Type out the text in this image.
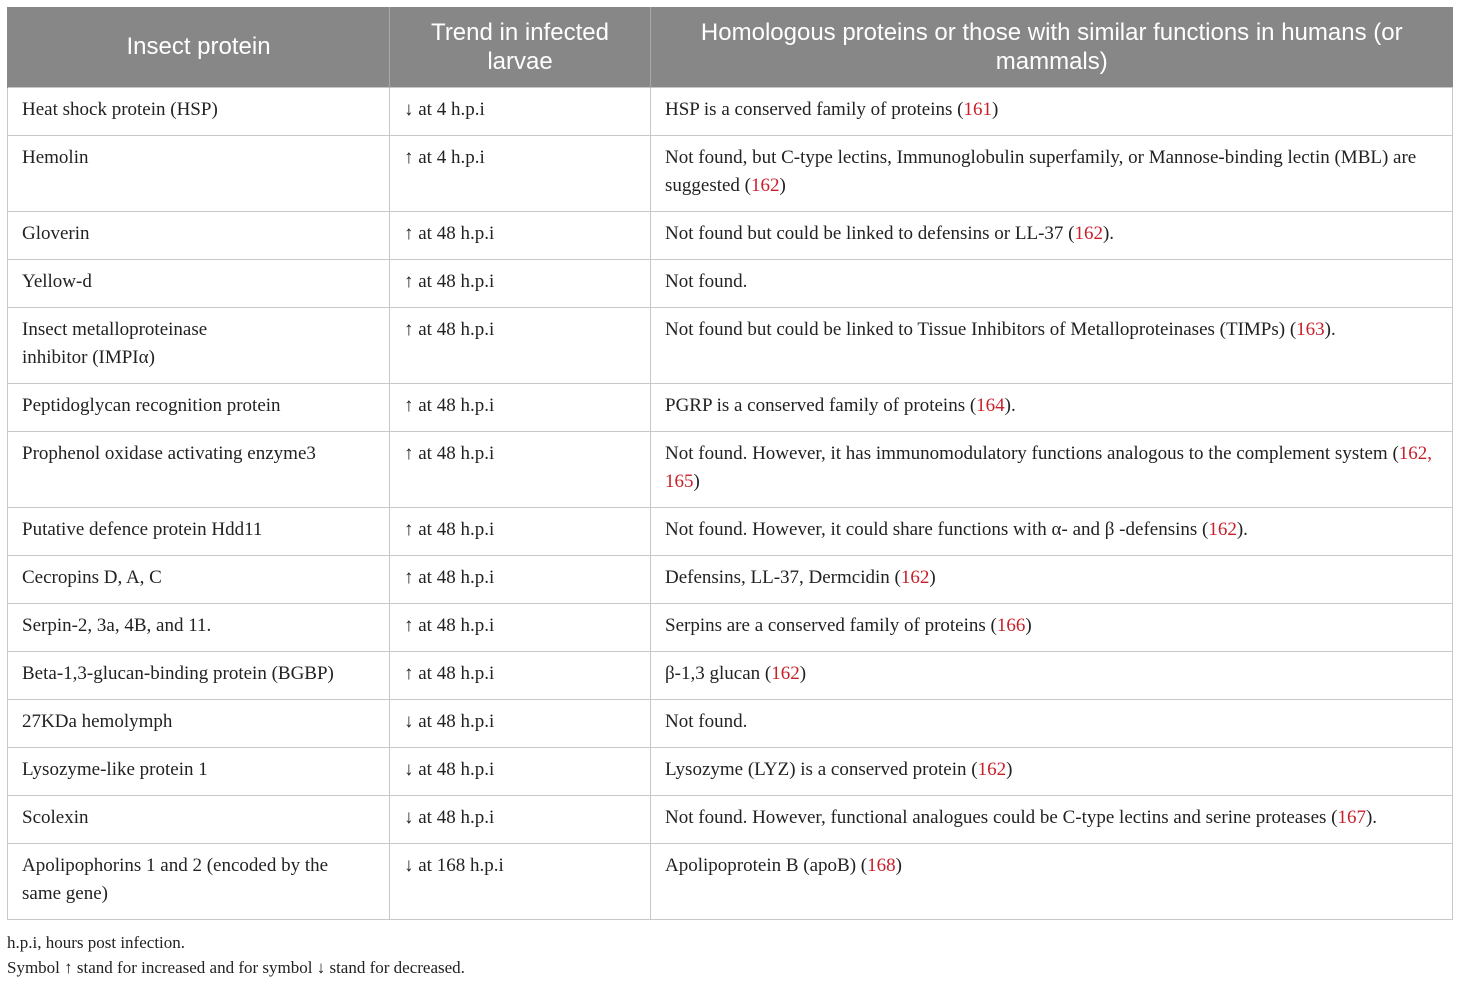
Insect protein	Trend in infected larvae	Homologous proteins or those with similar functions in humans (or mammals)
Heat shock protein (HSP)	↓ at 4 h.p.i	HSP is a conserved family of proteins (161)
Hemolin	↑ at 4 h.p.i	Not found, but C-type lectins, Immunoglobulin superfamily, or Mannose-binding lectin (MBL) are suggested (162)
Gloverin	↑ at 48 h.p.i	Not found but could be linked to defensins or LL-37 (162).
Yellow-d	↑ at 48 h.p.i	Not found.
Insect metalloproteinase inhibitor (IMPIα)	↑ at 48 h.p.i	Not found but could be linked to Tissue Inhibitors of Metalloproteinases (TIMPs) (163).
Peptidoglycan recognition protein	↑ at 48 h.p.i	PGRP is a conserved family of proteins (164).
Prophenol oxidase activating enzyme3	↑ at 48 h.p.i	Not found. However, it has immunomodulatory functions analogous to the complement system (162, 165)
Putative defence protein Hdd11	↑ at 48 h.p.i	Not found. However, it could share functions with α- and β -defensins (162).
Cecropins D, A, C	↑ at 48 h.p.i	Defensins, LL-37, Dermcidin (162)
Serpin-2, 3a, 4B, and 11.	↑ at 48 h.p.i	Serpins are a conserved family of proteins (166)
Beta-1,3-glucan-binding protein (BGBP)	↑ at 48 h.p.i	β-1,3 glucan (162)
27KDa hemolymph	↓ at 48 h.p.i	Not found.
Lysozyme-like protein 1	↓ at 48 h.p.i	Lysozyme (LYZ) is a conserved protein (162)
Scolexin	↓ at 48 h.p.i	Not found. However, functional analogues could be C-type lectins and serine proteases (167).
Apolipophorins 1 and 2 (encoded by the same gene)	↓ at 168 h.p.i	Apolipoprotein B (apoB) (168)
h.p.i, hours post infection.
Symbol ↑ stand for increased and for symbol ↓ stand for decreased.
